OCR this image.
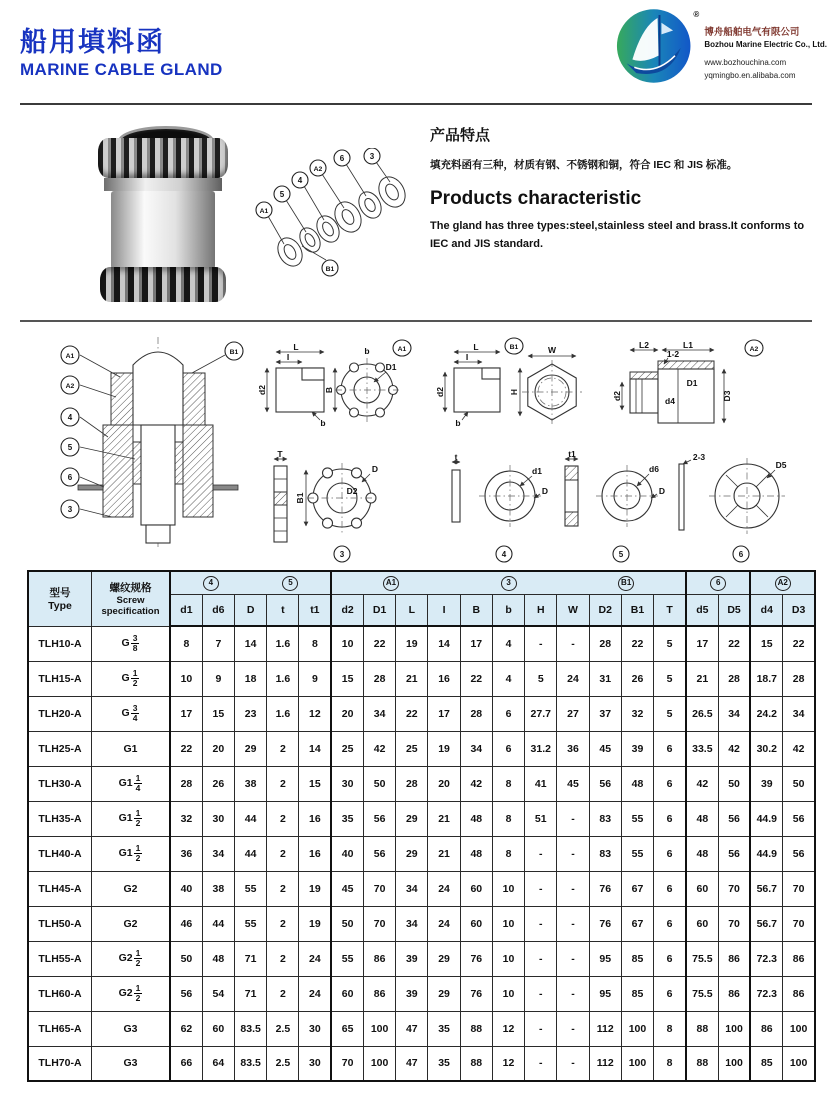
船用填料函
MARINE CABLE GLAND
®
博舟船舶电气有限公司
Bozhou Marine Electric Co., Ltd.
www.bozhouchina.com
yqmingbo.en.alibaba.com
A1
5
4
A2
6	3
B1
产品特点
填充料函有三种，材质有钢、不锈钢和铜，符合 IEC 和 JIS 标准。
Products characteristic
The gland has three types:steel,stainless steel and brass.It conforms to IEC and JIS standard.
A1
A2
4
5
6
3
B1
L
I
d2
b
b
B
D1
A1	L
I
d2
b
W
H
B1	L2	L1
1-2
d2	d4
D1
D3
A2
T
B1
D2
D
3
t
d1
D
4
t1
d6
D
5
2-3
D5
6
型号
Type

螺纹规格
Screw
specification

4	5	A1	3	B1	6	A2

		d1	d6	D	t	t1	d2	D1	L	I	B	b	H	W	D2	B1	T	d5	D5	d4	D3
TLH10-A	G $\frac{3}{8}$	8	7	14	1.6	8	10	22	19	14	17	4	-	-	28	22	5	17	22	15	22
TLH15-A	G $\frac{1}{2}$	10	9	18	1.6	9	15	28	21	16	22	4	5	24	31	26	5	21	28	18.7	28
TLH20-A	G $\frac{3}{4}$	17	15	23	1.6	12	20	34	22	17	28	6	27.7	27	37	32	5	26.5	34	24.2	34
TLH25-A	G1	22	20	29	2	14	25	42	25	19	34	6	31.2	36	45	39	6	33.5	42	30.2	42
TLH30-A	$G1 \frac{1}{4}$	28	26	38	2	15	30	50	28	20	42	8	41	45	56	48	6	42	50	39	50
TLH35-A	$G1 \frac{1}{2}$	32	30	44	2	16	35	56	29	21	48	8	51	-	83	55	6	48	56	44.9	56
TLH40-A	$G1 \frac{1}{2}$	36	34	44	2	16	40	56	29	21	48	8	-	-	83	55	6	48	56	44.9	56
TLH45-A	G2	40	38	55	2	19	45	70	34	24	60	10	-	-	76	67	6	60	70	56.7	70
TLH50-A	G2	46	44	55	2	19	50	70	34	24	60	10	-	-	76	67	6	60	70	56.7	70
TLH55-A	$G2 \frac{1}{2}$	50	48	71	2	24	55	86	39	29	76	10	-	-	95	85	6	75.5	86	72.3	86
TLH60-A	$G2 \frac{1}{2}$	56	54	71	2	24	60	86	39	29	76	10	-	-	95	85	6	75.5	86	72.3	86
TLH65-A	G3	62	60	83.5	2.5	30	65	100	47	35	88	12	-	-	112	100	8	88	100	86	100
TLH70-A	G3	66	64	83.5	2.5	30	70	100	47	35	88	12	-	-	112	100	8	88	100	85	100
